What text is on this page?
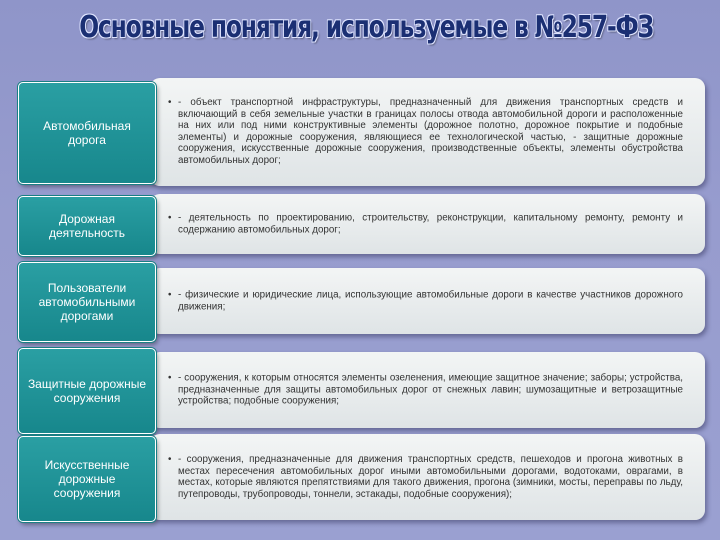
Основные понятия, используемые в №257-ФЗ
• - объект транспортной инфраструктуры, предназначенный для движения транспортных средств и включающий в себя земельные участки в границах полосы отвода автомобильной дороги и расположенные на них или под ними конструктивные элементы (дорожное полотно, дорожное покрытие и подобные элементы) и дорожные сооружения, являющиеся ее технологической частью, - защитные дорожные сооружения, искусственные дорожные сооружения, производственные объекты, элементы обустройства автомобильных дорог;
Автомобильная дорога
• - деятельность по проектированию, строительству, реконструкции, капитальному ремонту, ремонту и содержанию автомобильных дорог;
Дорожная деятельность
• - физические и юридические лица, использующие автомобильные дороги в качестве участников дорожного движения;
Пользователи автомобильными дорогами
• - сооружения, к которым относятся элементы озеленения, имеющие защитное значение; заборы; устройства, предназначенные для защиты автомобильных дорог от снежных лавин; шумозащитные и ветрозащитные устройства; подобные сооружения;
Защитные дорожные сооружения
• - сооружения, предназначенные для движения транспортных средств, пешеходов и прогона животных в местах пересечения автомобильных дорог иными автомобильными дорогами, водотоками, оврагами, в местах, которые являются препятствиями для такого движения, прогона (зимники, мосты, переправы по льду, путепроводы, трубопроводы, тоннели, эстакады, подобные сооружения);
Искусственные дорожные сооружения
